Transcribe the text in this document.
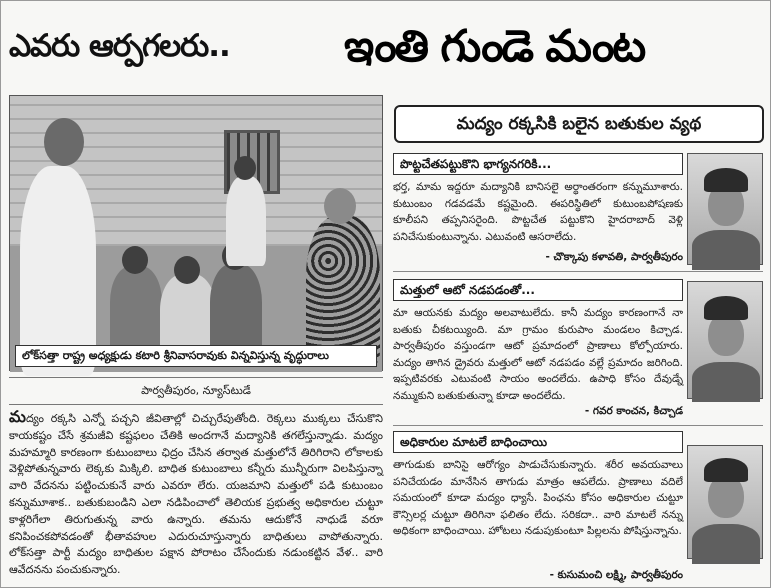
ఎవరు ఆర్పగలరు..	ఇంతి గుండె మంట
మద్యం రక్కసికి బలైన బతుకుల వ్యథ
లోక్‌సత్తా రాష్ట్ర అధ్యక్షుడు కటారి శ్రీనివాసరావుకు విన్నవిస్తున్న వృద్ధురాలు
పార్వతీపురం, న్యూస్‌టుడే
మద్యం రక్కసి ఎన్నో పచ్చని జీవితాల్లో చిచ్చురేపుతోంది. రెక్కలు ముక్కలు చేసుకొని కాయకష్టం చేసే శ్రమజీవి కష్టఫలం చేతికి అందగానే మద్యానికి తగలేస్తున్నాడు. మద్యం మహమ్మారి కారణంగా కుటుంబాలు ఛిద్రం చేసిన తర్వాత మత్తులోనే తిరిగిరాని లోకాలకు వెళ్లిపోతున్నవారు లెక్కకు మిక్కిలి. బాధిత కుటుంబాలు కన్నీరు మున్నీరుగా విలపిస్తున్నా వారి వేదనను పట్టించుకునే వారు ఎవరూ లేరు. యజమాని మత్తులో పడి కుటుంబం కన్నుమూశాక.. బతుకుబండిని ఎలా నడిపించాలో తెలియక ప్రభుత్వ అధికారుల చుట్టూ కాళ్లరిగేలా తిరుగుతున్న వారు ఉన్నారు. తమను ఆదుకోనే నాధుడే వరూ కనిపించకపోవడంతో భీతావహుల ఎదురుచూస్తున్నారు బాధితులు వాపోతున్నారు. లోక్‌సత్తా పార్టీ మద్యం బాధితుల పక్షాన పోరాటం చేసేందుకు నడుంకట్టిన వేళ.. వారి ఆవేదనను పంచుకున్నారు.
పొట్టచేతపట్టుకొని భాగ్యనగరికి...
భర్త, మామ ఇద్దరూ మద్యానికి బానిసలై అర్థాంతరంగా కన్నుమూశారు. కుటుంబం గడవడమే కష్టమైంది. ఈపరిస్థితిలో కుటుంబపోషణకు కూలీపని తప్పనిసరైంది. పొట్టచేత పట్టుకొని హైదరాబాద్ వెళ్లి పనిచేసుకుంటున్నాను. ఎటువంటి ఆసరాలేదు.
- చొక్కాపు కళావతి, పార్వతీపురం
మత్తులో ఆటో నడపడంతో...
మా ఆయనకు మద్యం అలవాటులేదు. కానీ మద్యం కారణంగానే నా బతుకు చీకటయ్యింది. మా గ్రామం కురుపాం మండలం కిచ్చాడ. పార్వతీపురం వస్తుండగా ఆటో ప్రమాదంలో ప్రాణాలు కోల్పోయారు. మద్యం తాగిన డ్రైవరు మత్తులో ఆటో నడపడం వల్లే ప్రమాదం జరిగింది. ఇప్పటివరకు ఎటువంటి సాయం అందలేదు. ఉపాధి కోసం దేవుడ్నే నమ్ముకుని బతుకుతున్నా కూడా అందలేదు.
- గవర కాంచన, కిచ్చాడ
అధికారుల మాటలే బాధించాయి
తాగుడుకు బానిసై ఆరోగ్యం పాడుచేసుకున్నారు. శరీర అవయవాలు పనిచేయడం మానేసిన తాగుడు మాత్రం ఆపలేదు. ప్రాణాలు వదిలే సమయంలో కూడా మద్యం ధ్యాసే. పింఛను కోసం అధికారుల చుట్టూ కౌన్సిలర్ల చుట్టూ తిరిగినా ఫలితం లేదు. సరికదా.. వారి మాటలే నన్ను అధికంగా బాధించాయి. హోటలు నడుపుకుంటూ పిల్లలను పోషిస్తున్నాను.
- కుసుమంచి లక్ష్మి, పార్వతీపురం
